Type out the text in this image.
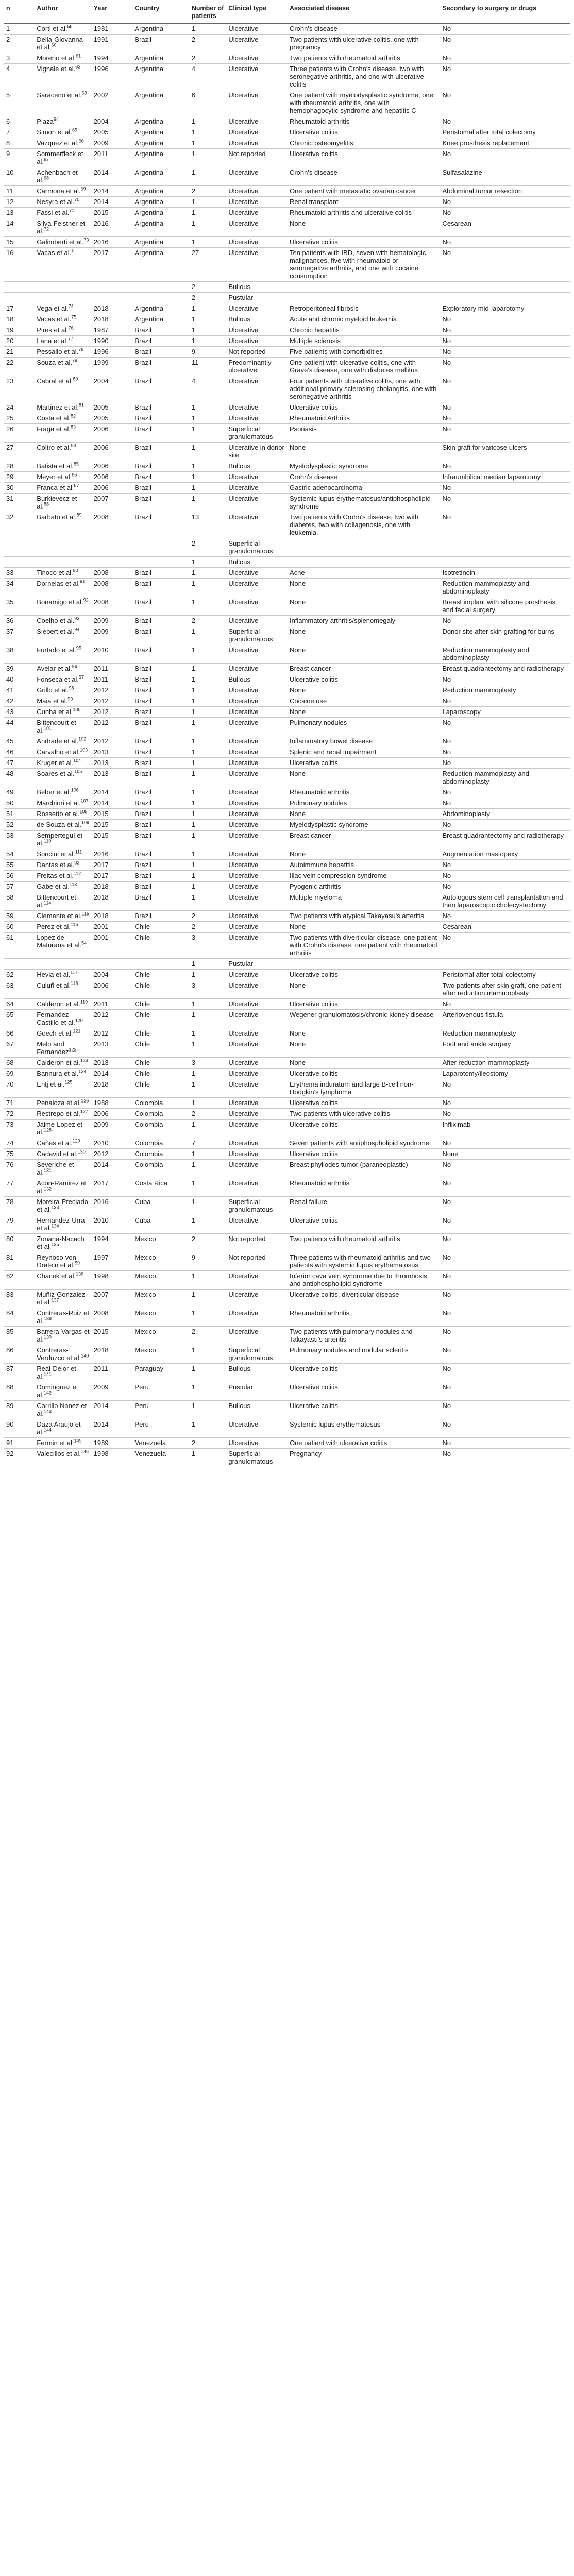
n	Author	Year	Country	Number of patients	Clinical type	Associated disease	Secondary to surgery or drugs
1	Corti et al.$^{58}$	1981	Argentina	1	Ulcerative	Crohn's disease	No
2	Della-Giovanna et al.$^{60}$	1991	Brazil	2	Ulcerative	Two patients with ulcerative colitis, one with pregnancy	No
3	Moreno et al.$^{61}$	1994	Argentina	2	Ulcerative	Two patients with rheumatoid arthritis	No
4	Vignale et al.$^{62}$	1996	Argentina	4	Ulcerative	Three patients with Crohn's disease, two with seronegative arthritis, and one with ulcerative colitis	No
5	Saraceno et al.$^{63}$	2002	Argentina	6	Ulcerative	One patient with myelodysplastic syndrome, one with rheumatoid arthritis, one with hemophagocytic syndrome and hepatitis C	No
6	Plaza$^{64}$	2004	Argentina	1	Ulcerative	Rheumatoid arthritis	No
7	Simon et al.$^{65}$	2005	Argentina	1	Ulcerative	Ulcerative colitis	Peristomal after total colectomy
8	Vazquez et al.$^{66}$	2009	Argentina	1	Ulcerative	Chronic osteomyelitis	Knee prosthesis replacement
9	Sommerfleck et al.$^{67}$	2011	Argentina	1	Not reported	Ulcerative colitis	No
10	Achenbach et al.$^{68}$	2014	Argentina	1	Ulcerative	Crohn's disease	Sulfasalazine
11	Carmona et al.$^{69}$	2014	Argentina	2	Ulcerative	One patient with metastatic ovarian cancer	Abdominal tumor resection
12	Nesyra et al.$^{70}$	2014	Argentina	1	Ulcerative	Renal transplant	No
13	Fassi et al.$^{71}$	2015	Argentina	1	Ulcerative	Rheumatoid arthritis and ulcerative colitis	No
14	Silva-Feistner et al.$^{72}$	2016	Argentina	1	Ulcerative	None	Cesarean
15	Galimberti et al.$^{73}$	2016	Argentina	1	Ulcerative	Ulcerative colitis	No
16	Vacas et al.$^1$	2017	Argentina	27	Ulcerative	Ten patients with IBD, seven with hematologic malignances, five with rheumatoid or seronegative arthritis, and one with cocaine consumption	No
				2	Bullous		
				2	Pustular		
17	Vega et al.$^{74}$	2018	Argentina	1	Ulcerative	Retroperitoneal fibrosis	Exploratory mid-laparotomy
18	Vacas et al.$^{75}$	2018	Argentina	1	Bullous	Acute and chronic myeloid leukemia	No
19	Pires et al.$^{76}$	1987	Brazil	1	Ulcerative	Chronic hepatitis	No
20	Lana et al.$^{77}$	1990	Brazil	1	Ulcerative	Multiple sclerosis	No
21	Pessallo et al.$^{78}$	1996	Brazil	9	Not reported	Five patients with comorbidities	No
22	Souza et al.$^{79}$	1999	Brazil	11	Predominantly ulcerative	One patient with ulcerative colitis, one with Grave's disease, one with diabetes mellitus	No
23	Cabral et al.$^{80}$	2004	Brazil	4	Ulcerative	Four patients with ulcerative colitis, one with additional primary sclerosing cholangitis, one with seronegative arthritis	No
24	Martinez et al.$^{81}$	2005	Brazil	1	Ulcerative	Ulcerative colitis	No
25	Costa et al.$^{82}$	2005	Brazil	1	Ulcerative	Rheumatoid Arthritis	No
26	Fraga et al.$^{83}$	2006	Brazil	1	Superficial granulomatous	Psoriasis	No
27	Coltro et al.$^{84}$	2006	Brazil	1	Ulcerative in donor site	None	Skin graft for varicose ulcers
28	Batista et al.$^{85}$	2006	Brazil	1	Bullous	Myelodysplastic syndrome	No
29	Meyer et al.$^{86}$	2006	Brazil	1	Ulcerative	Crohn's disease	Infraumbilical median laparotomy
30	Franca et al.$^{87}$	2006	Brazil	1	Ulcerative	Gastric adenocarcinoma	No
31	Burkievecz et al.$^{88}$	2007	Brazil	1	Ulcerative	Systemic lupus erythematosus/antiphospholipid syndrome	No
32	Barbato et al.$^{89}$	2008	Brazil	13	Ulcerative	Two patients with Crohn's disease, two with diabetes, two with collagenosis, one with leukemia.	No
				2	Superficial granulomatous		
				1	Bullous		
33	Tinoco et al.$^{90}$	2008	Brazil	1	Ulcerative	Acne	Isotretinoin
34	Dornelas et al.$^{91}$	2008	Brazil	1	Ulcerative	None	Reduction mammoplasty and abdominoplasty
35	Bonamigo et al.$^{92}$	2008	Brazil	1	Ulcerative	None	Breast implant with silicone prosthesis and facial surgery
36	Coelho et al.$^{93}$	2009	Brazil	2	Ulcerative	Inflammatory arthritis/splenomegaly	No
37	Siebert et al.$^{94}$	2009	Brazil	1	Superficial granulomatous	None	Donor site after skin grafting for burns
38	Furtado et al.$^{95}$	2010	Brazil	1	Ulcerative	None	Reduction mammoplasty and abdominoplasty
39	Avelar et al.$^{96}$	2011	Brazil	1	Ulcerative	Breast cancer	Breast quadrantectomy and radiotherapy
40	Fonseca et al.$^{97}$	2011	Brazil	1	Bullous	Ulcerative colitis	No
41	Grillo et al.$^{98}$	2012	Brazil	1	Ulcerative	None	Reduction mammoplasty
42	Maia et al.$^{99}$	2012	Brazil	1	Ulcerative	Cocaine use	No
43	Cunha et al.$^{100}$	2012	Brazil	1	Ulcerative	None	Laparoscopy
44	Bittencourt et al.$^{101}$	2012	Brazil	1	Ulcerative	Pulmonary nodules	No
45	Andrade et al.$^{102}$	2012	Brazil	1	Ulcerative	Inflammatory bowel disease	No
46	Carvalho et al.$^{103}$	2013	Brazil	1	Ulcerative	Splenic and renal impairment	No
47	Kruger et al.$^{104}$	2013	Brazil	1	Ulcerative	Ulcerative colitis	No
48	Soares et al.$^{105}$	2013	Brazil	1	Ulcerative	None	Reduction mammoplasty and abdominoplasty
49	Beber et al.$^{106}$	2014	Brazil	1	Ulcerative	Rheumatoid arthritis	No
50	Marchiori et al.$^{107}$	2014	Brazil	1	Ulcerative	Pulmonary nodules	No
51	Rossetto et al.$^{108}$	2015	Brazil	1	Ulcerative	None	Abdominoplasty
52	de Souza et al.$^{109}$	2015	Brazil	1	Ulcerative	Myelodysplastic syndrome	No
53	Semperteguí et al.$^{110}$	2015	Brazil	1	Ulcerative	Breast cancer	Breast quadrantectomy and radiotherapy
54	Soncini et al.$^{111}$	2016	Brazil	1	Ulcerative	None	Augmentation mastopexy
55	Dantas et al.$^{82}$	2017	Brazil	1	Ulcerative	Autoimmune hepatitis	No
56	Freitas et al.$^{112}$	2017	Brazil	1	Ulcerative	Iliac vein compression syndrome	No
57	Gabe et al.$^{113}$	2018	Brazil	1	Ulcerative	Pyogenic arthritis	No
58	Bittencourt et al.$^{114}$	2018	Brazil	1	Ulcerative	Multiple myeloma	Autologous stem cell transplantation and then laparoscopic cholecystectomy
59	Clemente et al.$^{115}$	2018	Brazil	2	Ulcerative	Two patients with atypical Takayasu's arteritis	No
60	Perez et al.$^{116}$	2001	Chile	2	Ulcerative	None	Cesarean
61	Lopez de Maturana et al.$^{54}$	2001	Chile	3	Ulcerative	Two patients with diverticular disease, one patient with Crohn's disease, one patient with rheumatoid arthritis	No
				1	Pustular		
62	Hevia et al.$^{117}$	2004	Chile	1	Ulcerative	Ulcerative colitis	Peristomal after total colectomy
63	Culuñ et al.$^{118}$	2006	Chile	3	Ulcerative	None	Two patients after skin graft, one patient after reduction mammoplasty
64	Calderon et al.$^{119}$	2011	Chile	1	Ulcerative	Ulcerative colitis	No
65	Fernandez-Castillo et al.$^{120}$	2012	Chile	1	Ulcerative	Wegener granulomatosis/chronic kidney disease	Arteriovenous fistula
66	Goech et al.$^{121}$	2012	Chile	1	Ulcerative	None	Reduction mammoplasty
67	Melo and Fernandez$^{122}$	2013	Chile	1	Ulcerative	None	Foot and ankle surgery
68	Calderon et al.$^{123}$	2013	Chile	3	Ulcerative	None	After reduction mammoplasty
69	Bannura et al.$^{124}$	2014	Chile	1	Ulcerative	Ulcerative colitis	Laparotomy/ileostomy
70	Entj et al.$^{125}$	2018	Chile	1	Ulcerative	Erythema induratum and large B-cell non-Hodgkin's lymphoma	No
71	Penaloza et al.$^{126}$	1988	Colombia	1	Ulcerative	Ulcerative colitis	No
72	Restrepo et al.$^{127}$	2006	Colombia	2	Ulcerative	Two patients with ulcerative colitis	No
73	Jaime-Lopez et al.$^{128}$	2009	Colombia	1	Ulcerative	Ulcerative colitis	Infliximab
74	Cañas et al.$^{129}$	2010	Colombia	7	Ulcerative	Seven patients with antiphospholipid syndrome	No
75	Cadavid et al.$^{130}$	2012	Colombia	1	Ulcerative	Ulcerative colitis	None
76	Severiche et al.$^{131}$	2014	Colombia	1	Ulcerative	Breast phyllodes tumor (paraneoplastic)	No
77	Acon-Ramirez et al.$^{132}$	2017	Costa Rica	1	Ulcerative	Rheumatoid arthritis	No
78	Moreira-Preciado et al.$^{133}$	2016	Cuba	1	Superficial granulomatous	Renal failure	No
79	Hernandez-Urra et al.$^{134}$	2010	Cuba	1	Ulcerative	Ulcerative colitis	No
80	Zonana-Nacach et al.$^{135}$	1994	Mexico	2	Not reported	Two patients with rheumatoid arthritis	No
81	Reynoso-von Drateln et al.$^{59}$	1997	Mexico	9	Not reported	Three patients with rheumatoid arthritis and two patients with systemic lupus erythematosus	No
82	Chacek et al.$^{136}$	1998	Mexico	1	Ulcerative	Inferior cava vein syndrome due to thrombosis and antiphospholipid syndrome	No
83	Muñiz-Gonzalez et al.$^{137}$	2007	Mexico	1	Ulcerative	Ulcerative colitis, diverticular disease	No
84	Contreras-Ruiz et al.$^{138}$	2008	Mexico	1	Ulcerative	Rheumatoid arthritis	No
85	Barrera-Vargas et al.$^{139}$	2015	Mexico	2	Ulcerative	Two patients with pulmonary nodules and Takayasu's arteritis	No
86	Contreras-Verduzco et al.$^{140}$	2018	Mexico	1	Superficial granulomatous	Pulmonary nodules and nodular scleritis	No
87	Real-Delor et al.$^{141}$	2011	Paraguay	1	Bullous	Ulcerative colitis	No
88	Dominguez et al.$^{142}$	2009	Peru	1	Pustular	Ulcerative colitis	No
89	Carrillo Nanez et al.$^{143}$	2014	Peru	1	Bullous	Ulcerative colitis	No
90	Daza Araujo et al.$^{144}$	2014	Peru	1	Ulcerative	Systemic lupus erythematosus	No
91	Fermin et al.$^{145}$	1989	Venezuela	2	Ulcerative	One patient with ulcerative colitis	No
92	Valecillos et al.$^{146}$	1998	Venezuela	1	Superficial granulomatous	Pregnancy	No
